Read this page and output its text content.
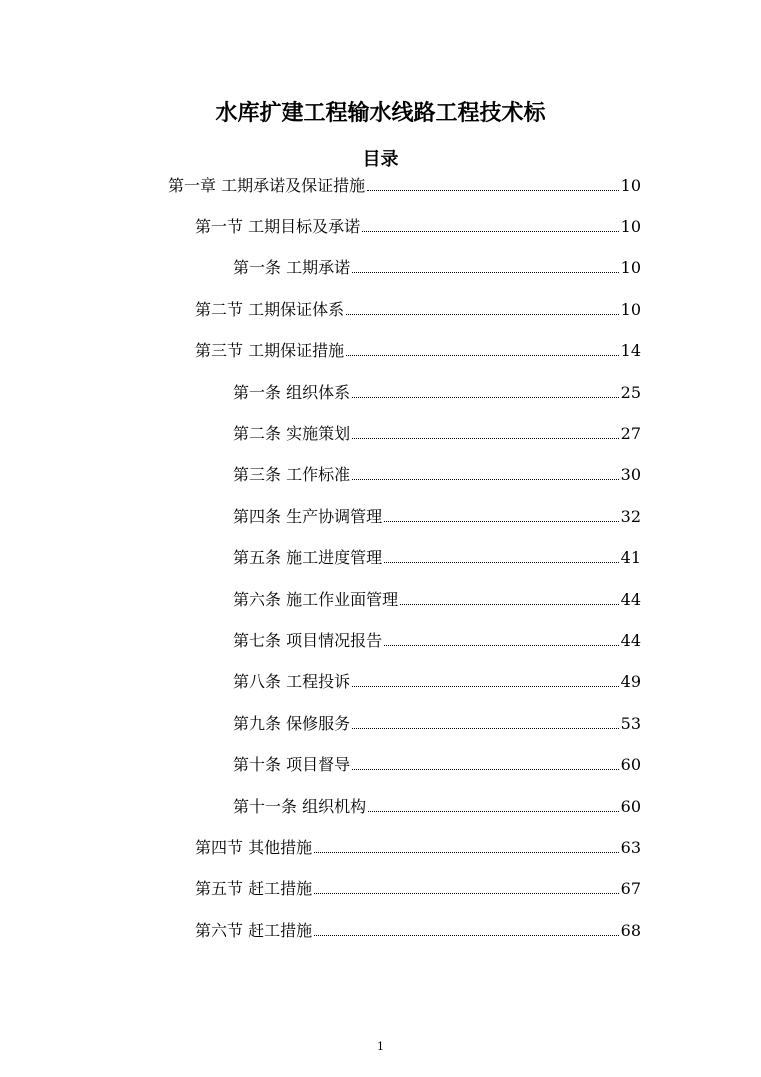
水库扩建工程输水线路工程技术标
目录
第一章 工期承诺及保证措施	10
第一节 工期目标及承诺	10
第一条 工期承诺	10
第二节 工期保证体系	10
第三节 工期保证措施	14
第一条 组织体系	25
第二条 实施策划	27
第三条 工作标准	30
第四条 生产协调管理	32
第五条 施工进度管理	41
第六条 施工作业面管理	44
第七条 项目情况报告	44
第八条 工程投诉	49
第九条 保修服务	53
第十条 项目督导	60
第十一条 组织机构	60
第四节 其他措施	63
第五节 赶工措施	67
第六节 赶工措施	68
1
